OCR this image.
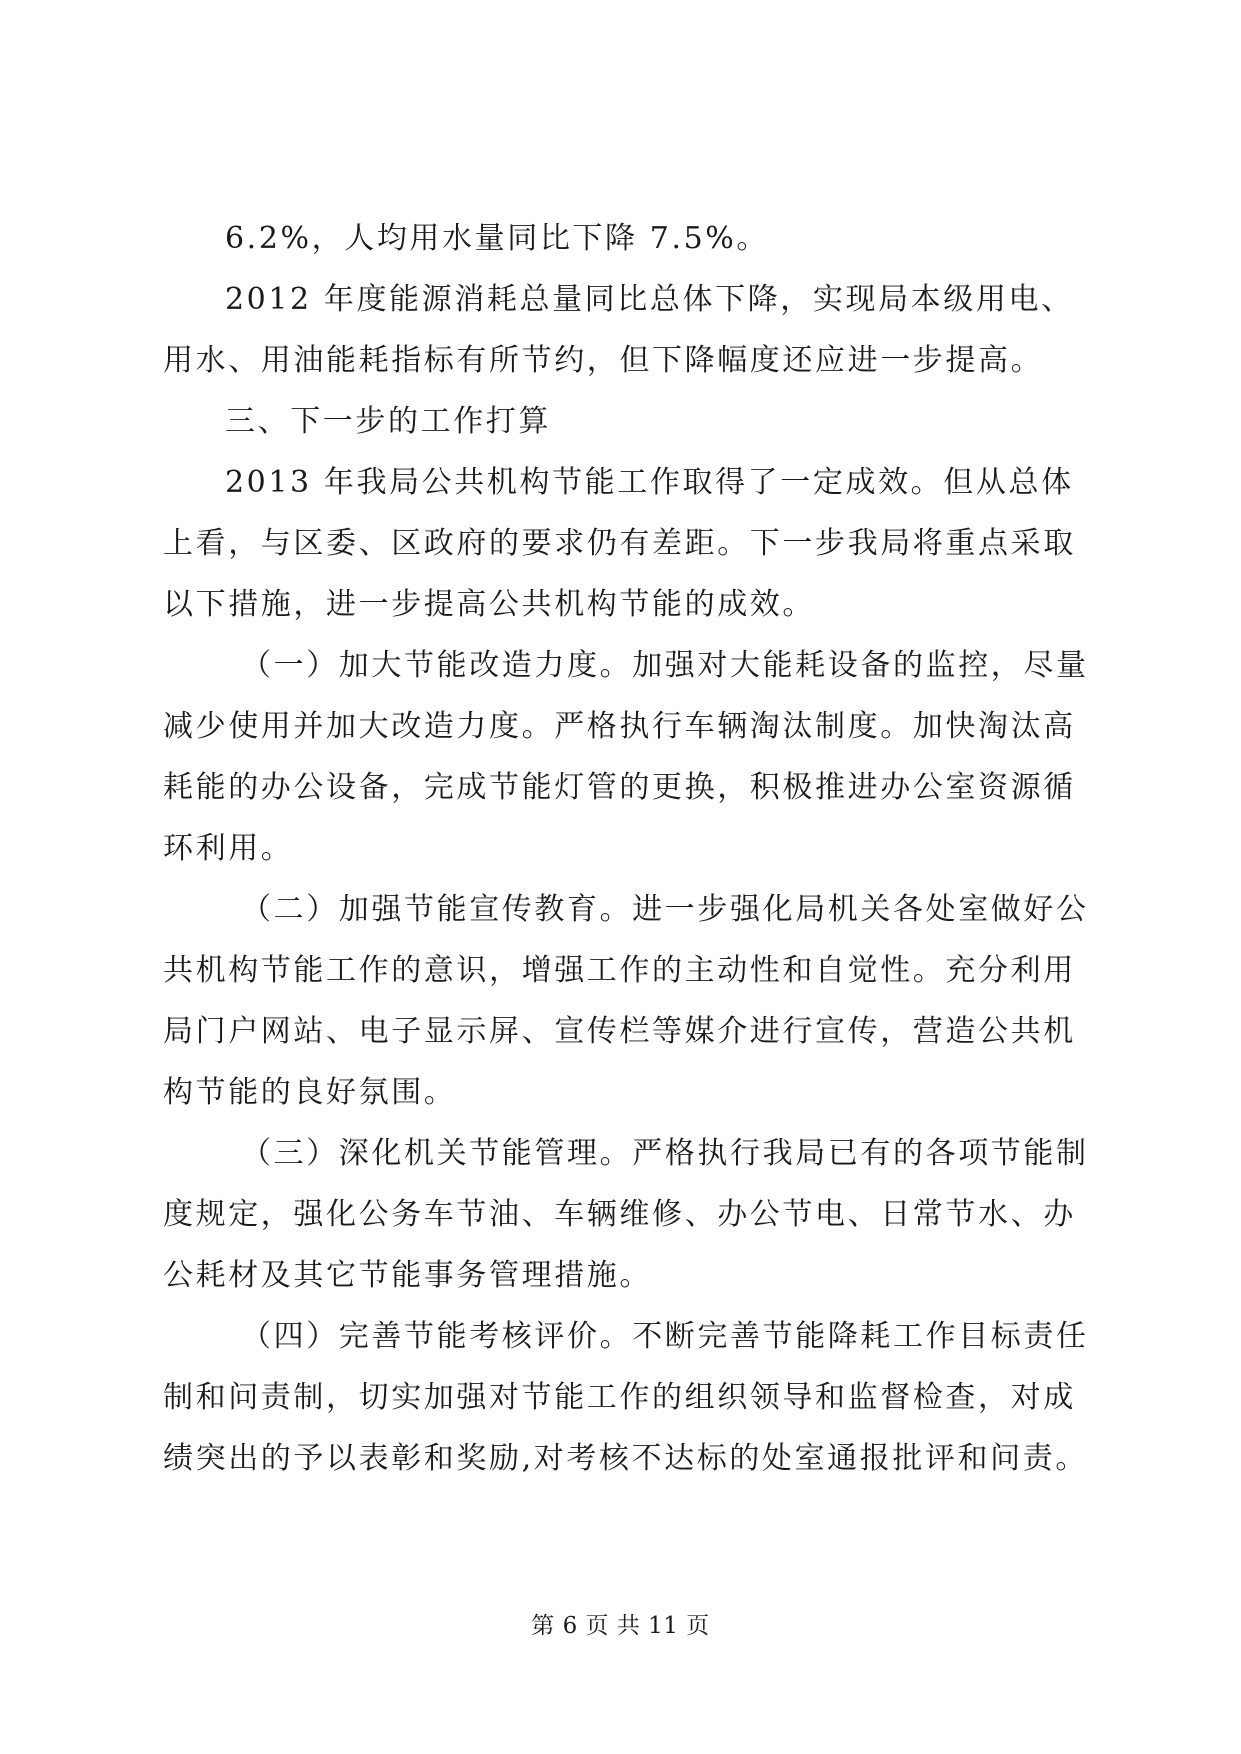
6.2%，人均用水量同比下降 7.5%。
2012 年度能源消耗总量同比总体下降，实现局本级用电、
用水、用油能耗指标有所节约，但下降幅度还应进一步提高。
三、下一步的工作打算
2013 年我局公共机构节能工作取得了一定成效。但从总体
上看，与区委、区政府的要求仍有差距。下一步我局将重点采取
以下措施，进一步提高公共机构节能的成效。
（一）加大节能改造力度。加强对大能耗设备的监控，尽量
减少使用并加大改造力度。严格执行车辆淘汰制度。加快淘汰高
耗能的办公设备，完成节能灯管的更换，积极推进办公室资源循
环利用。
（二）加强节能宣传教育。进一步强化局机关各处室做好公
共机构节能工作的意识，增强工作的主动性和自觉性。充分利用
局门户网站、电子显示屏、宣传栏等媒介进行宣传，营造公共机
构节能的良好氛围。
（三）深化机关节能管理。严格执行我局已有的各项节能制
度规定，强化公务车节油、车辆维修、办公节电、日常节水、办
公耗材及其它节能事务管理措施。
（四）完善节能考核评价。不断完善节能降耗工作目标责任
制和问责制，切实加强对节能工作的组织领导和监督检查，对成
绩突出的予以表彰和奖励,对考核不达标的处室通报批评和问责。
第 6 页 共 11 页
